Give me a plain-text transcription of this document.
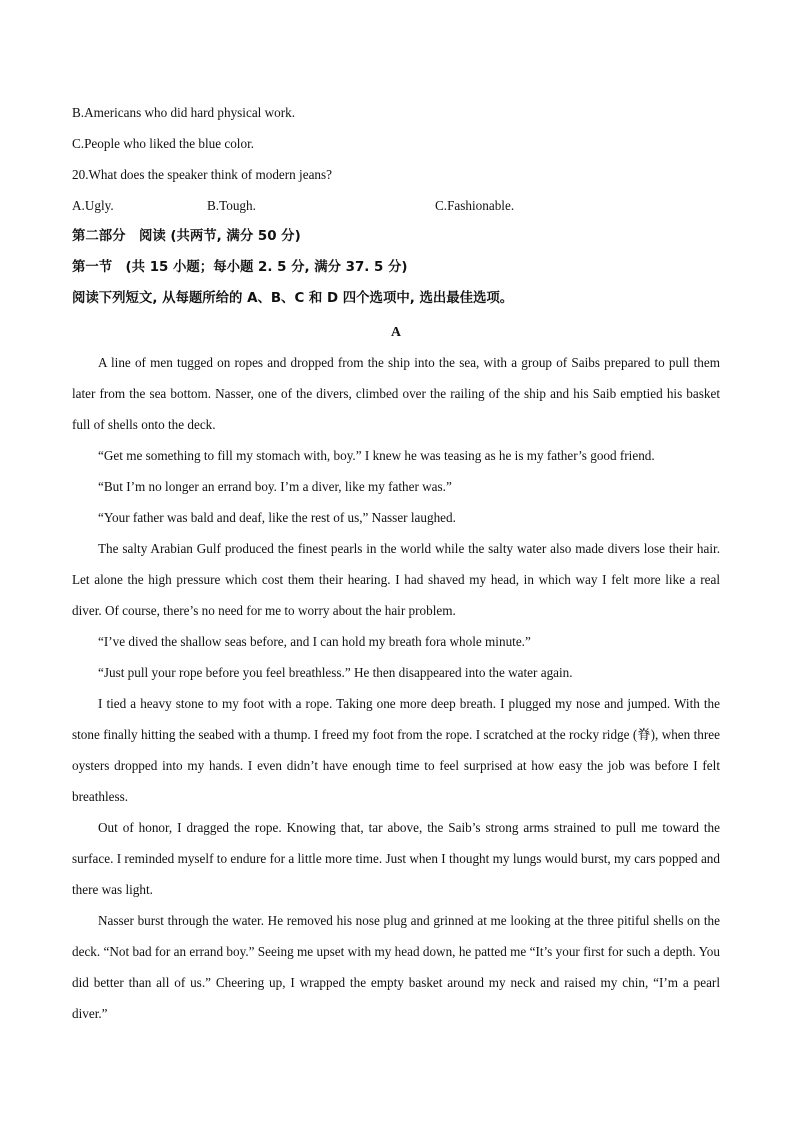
B.Americans who did hard physical work.
C.People who liked the blue color.
20.What does the speaker think of modern jeans?
A.Ugly.	B.Tough.	C.Fashionable.
第二部分　阅读 (共两节, 满分 50 分)
第一节　(共 15 小题；每小题 2. 5 分, 满分 37. 5 分)
阅读下列短文, 从每题所给的 A、B、C 和 D 四个选项中, 选出最佳选项。
A

A line of men tugged on ropes and dropped from the ship into the sea, with a group of Saibs prepared to pull them later from the sea bottom. Nasser, one of the divers, climbed over the railing of the ship and his Saib emptied his basket full of shells onto the deck.

“Get me something to fill my stomach with, boy.” I knew he was teasing as he is my father’s good friend.

“But I’m no longer an errand boy. I’m a diver, like my father was.”

“Your father was bald and deaf, like the rest of us,” Nasser laughed.

The salty Arabian Gulf produced the finest pearls in the world while the salty water also made divers lose their hair. Let alone the high pressure which cost them their hearing. I had shaved my head, in which way I felt more like a real diver. Of course, there’s no need for me to worry about the hair problem.

“I’ve dived the shallow seas before, and I can hold my breath fora whole minute.”

“Just pull your rope before you feel breathless.” He then disappeared into the water again.

I tied a heavy stone to my foot with a rope. Taking one more deep breath. I plugged my nose and jumped. With the stone finally hitting the seabed with a thump. I freed my foot from the rope. I scratched at the rocky ridge (脊), when three oysters dropped into my hands. I even didn’t have enough time to feel surprised at how easy the job was before I felt breathless.

Out of honor, I dragged the rope. Knowing that, tar above, the Saib’s strong arms strained to pull me toward the surface. I reminded myself to endure for a little more time. Just when I thought my lungs would burst, my cars popped and there was light.

Nasser burst through the water. He removed his nose plug and grinned at me looking at the three pitiful shells on the deck. “Not bad for an errand boy.” Seeing me upset with my head down, he patted me “It’s your first for such a depth. You did better than all of us.” Cheering up, I wrapped the empty basket around my neck and raised my chin, “I’m a pearl diver.”
